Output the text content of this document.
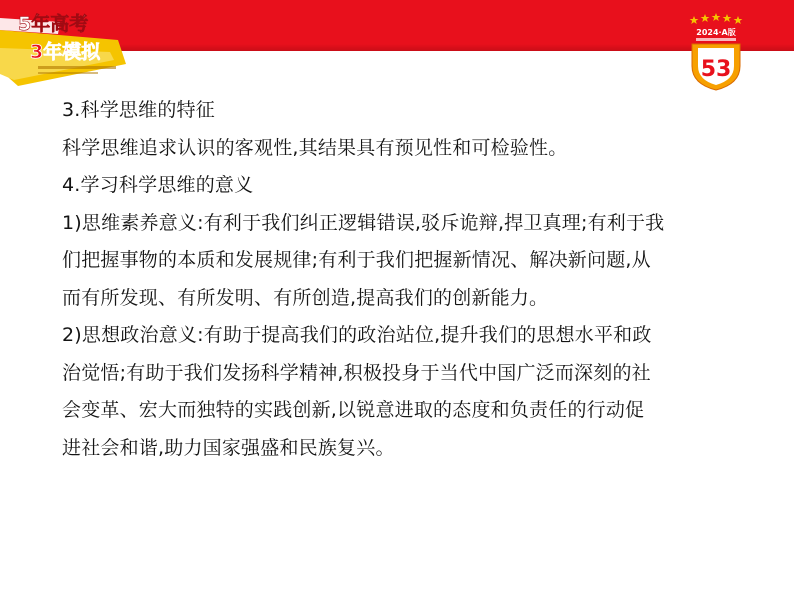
5年高考
3年模拟
2024·A版
53
3.科学思维的特征
科学思维追求认识的客观性,其结果具有预见性和可检验性。
4.学习科学思维的意义
1)思维素养意义:有利于我们纠正逻辑错误,驳斥诡辩,捍卫真理;有利于我
们把握事物的本质和发展规律;有利于我们把握新情况、解决新问题,从
而有所发现、有所发明、有所创造,提高我们的创新能力。
2)思想政治意义:有助于提高我们的政治站位,提升我们的思想水平和政
治觉悟;有助于我们发扬科学精神,积极投身于当代中国广泛而深刻的社
会变革、宏大而独特的实践创新,以锐意进取的态度和负责任的行动促
进社会和谐,助力国家强盛和民族复兴。
